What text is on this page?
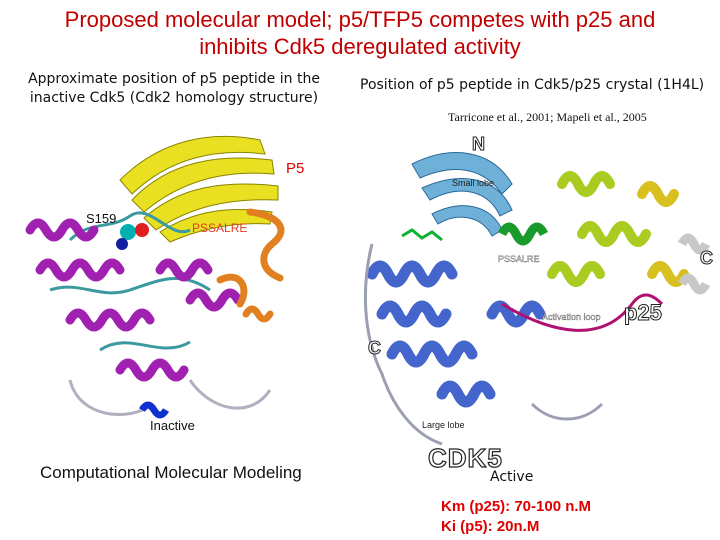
Proposed molecular model; p5/TFP5 competes with p25 and
inhibits Cdk5 deregulated activity
Approximate position of p5 peptide in the inactive Cdk5 (Cdk2 homology structure)
Position of p5 peptide in Cdk5/p25 crystal (1H4L)
Tarricone et al., 2001; Mapeli et al., 2005
P5
S159
PSSALRE
Inactive
N
Small lobe
PSSALRE
Activation loop
C
C
p25
Large lobe
Computational Molecular Modeling	CDK5
Active
Km (p25): 70-100 n.M
Ki (p5): 20n.M
